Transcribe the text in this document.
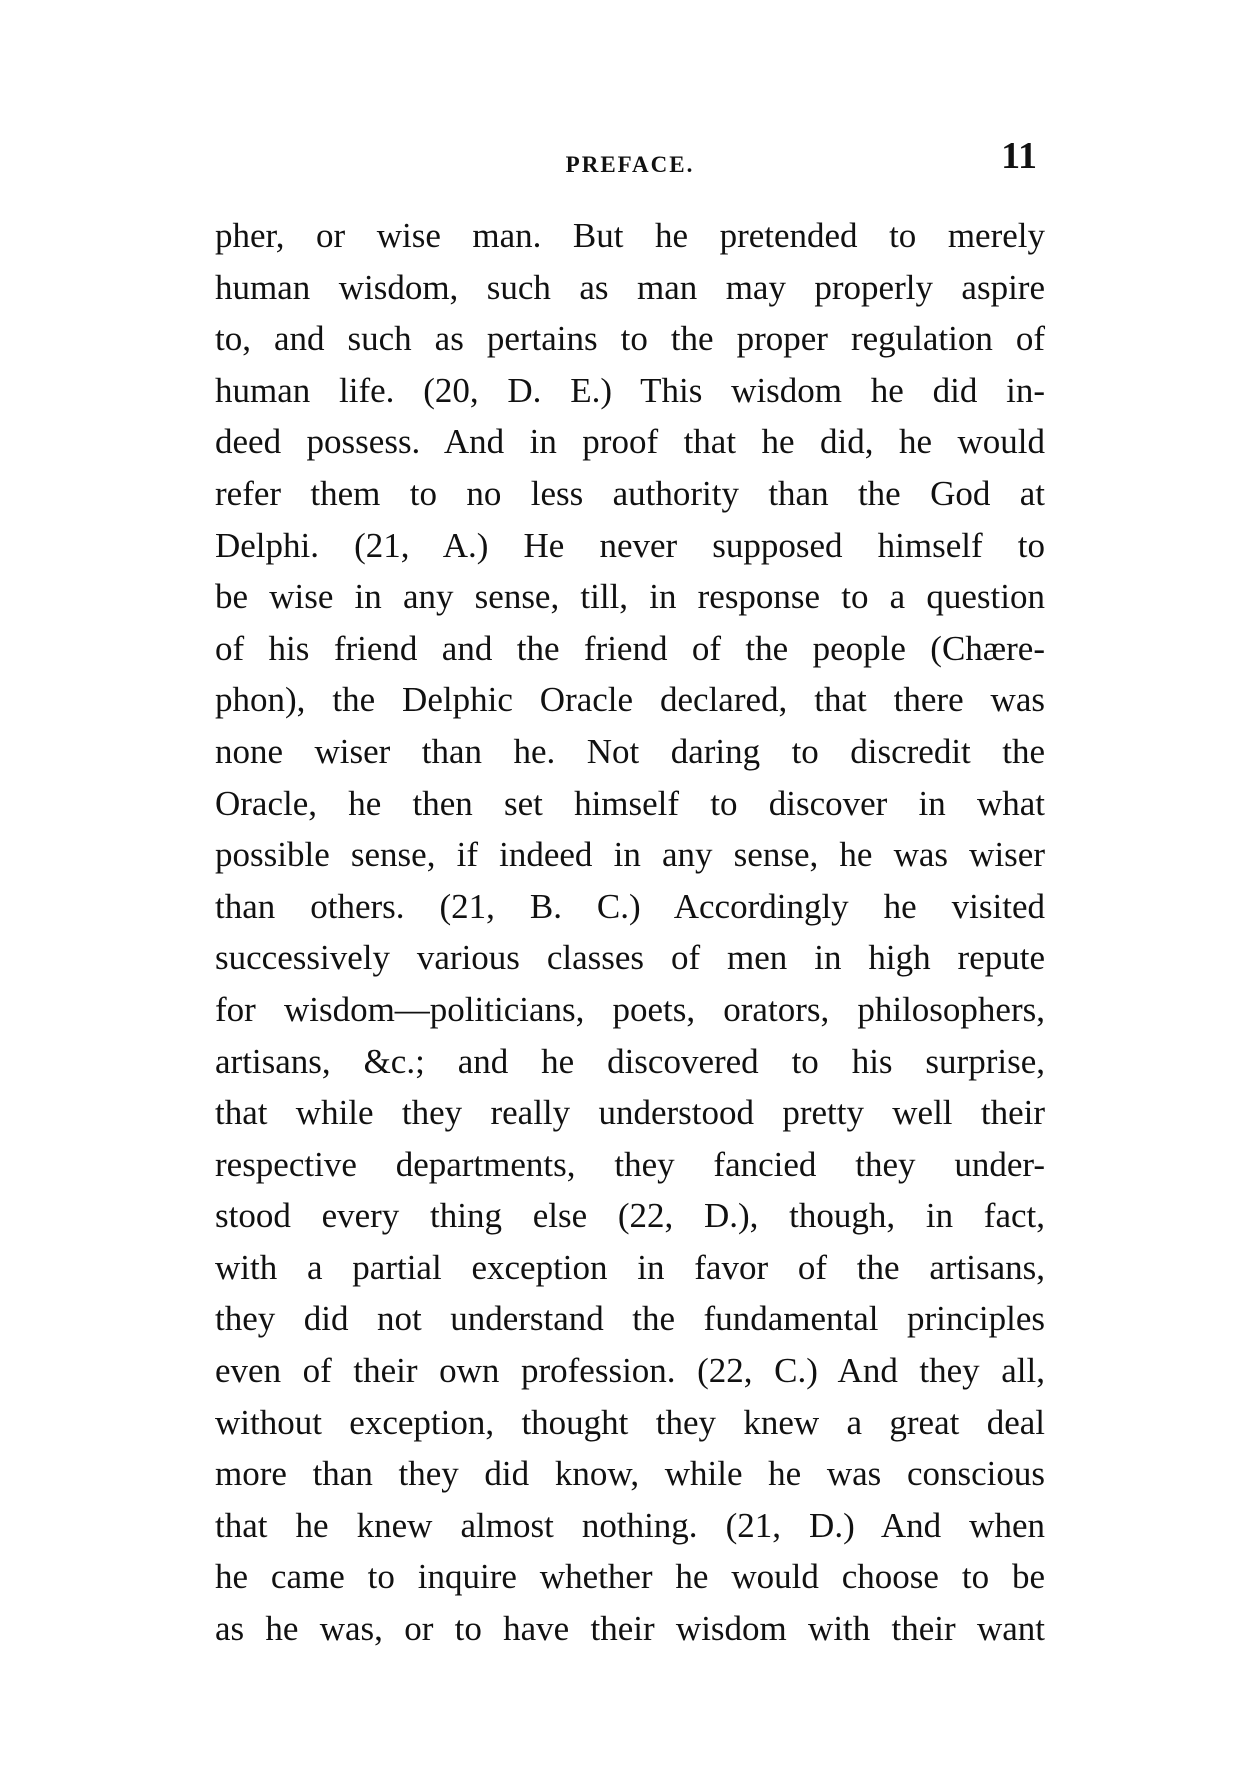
PREFACE.	11
pher, or wise man. But he pretended to merely
human wisdom, such as man may properly aspire
to, and such as pertains to the proper regulation of
human life. (20, D. E.) This wisdom he did in-
deed possess. And in proof that he did, he would
refer them to no less authority than the God at
Delphi. (21, A.) He never supposed himself to
be wise in any sense, till, in response to a question
of his friend and the friend of the people (Chære-
phon), the Delphic Oracle declared, that there was
none wiser than he. Not daring to discredit the
Oracle, he then set himself to discover in what
possible sense, if indeed in any sense, he was wiser
than others. (21, B. C.) Accordingly he visited
successively various classes of men in high repute
for wisdom—politicians, poets, orators, philosophers,
artisans, &c.; and he discovered to his surprise,
that while they really understood pretty well their
respective departments, they fancied they under-
stood every thing else (22, D.), though, in fact,
with a partial exception in favor of the artisans,
they did not understand the fundamental principles
even of their own profession. (22, C.) And they all,
without exception, thought they knew a great deal
more than they did know, while he was conscious
that he knew almost nothing. (21, D.) And when
he came to inquire whether he would choose to be
as he was, or to have their wisdom with their want
